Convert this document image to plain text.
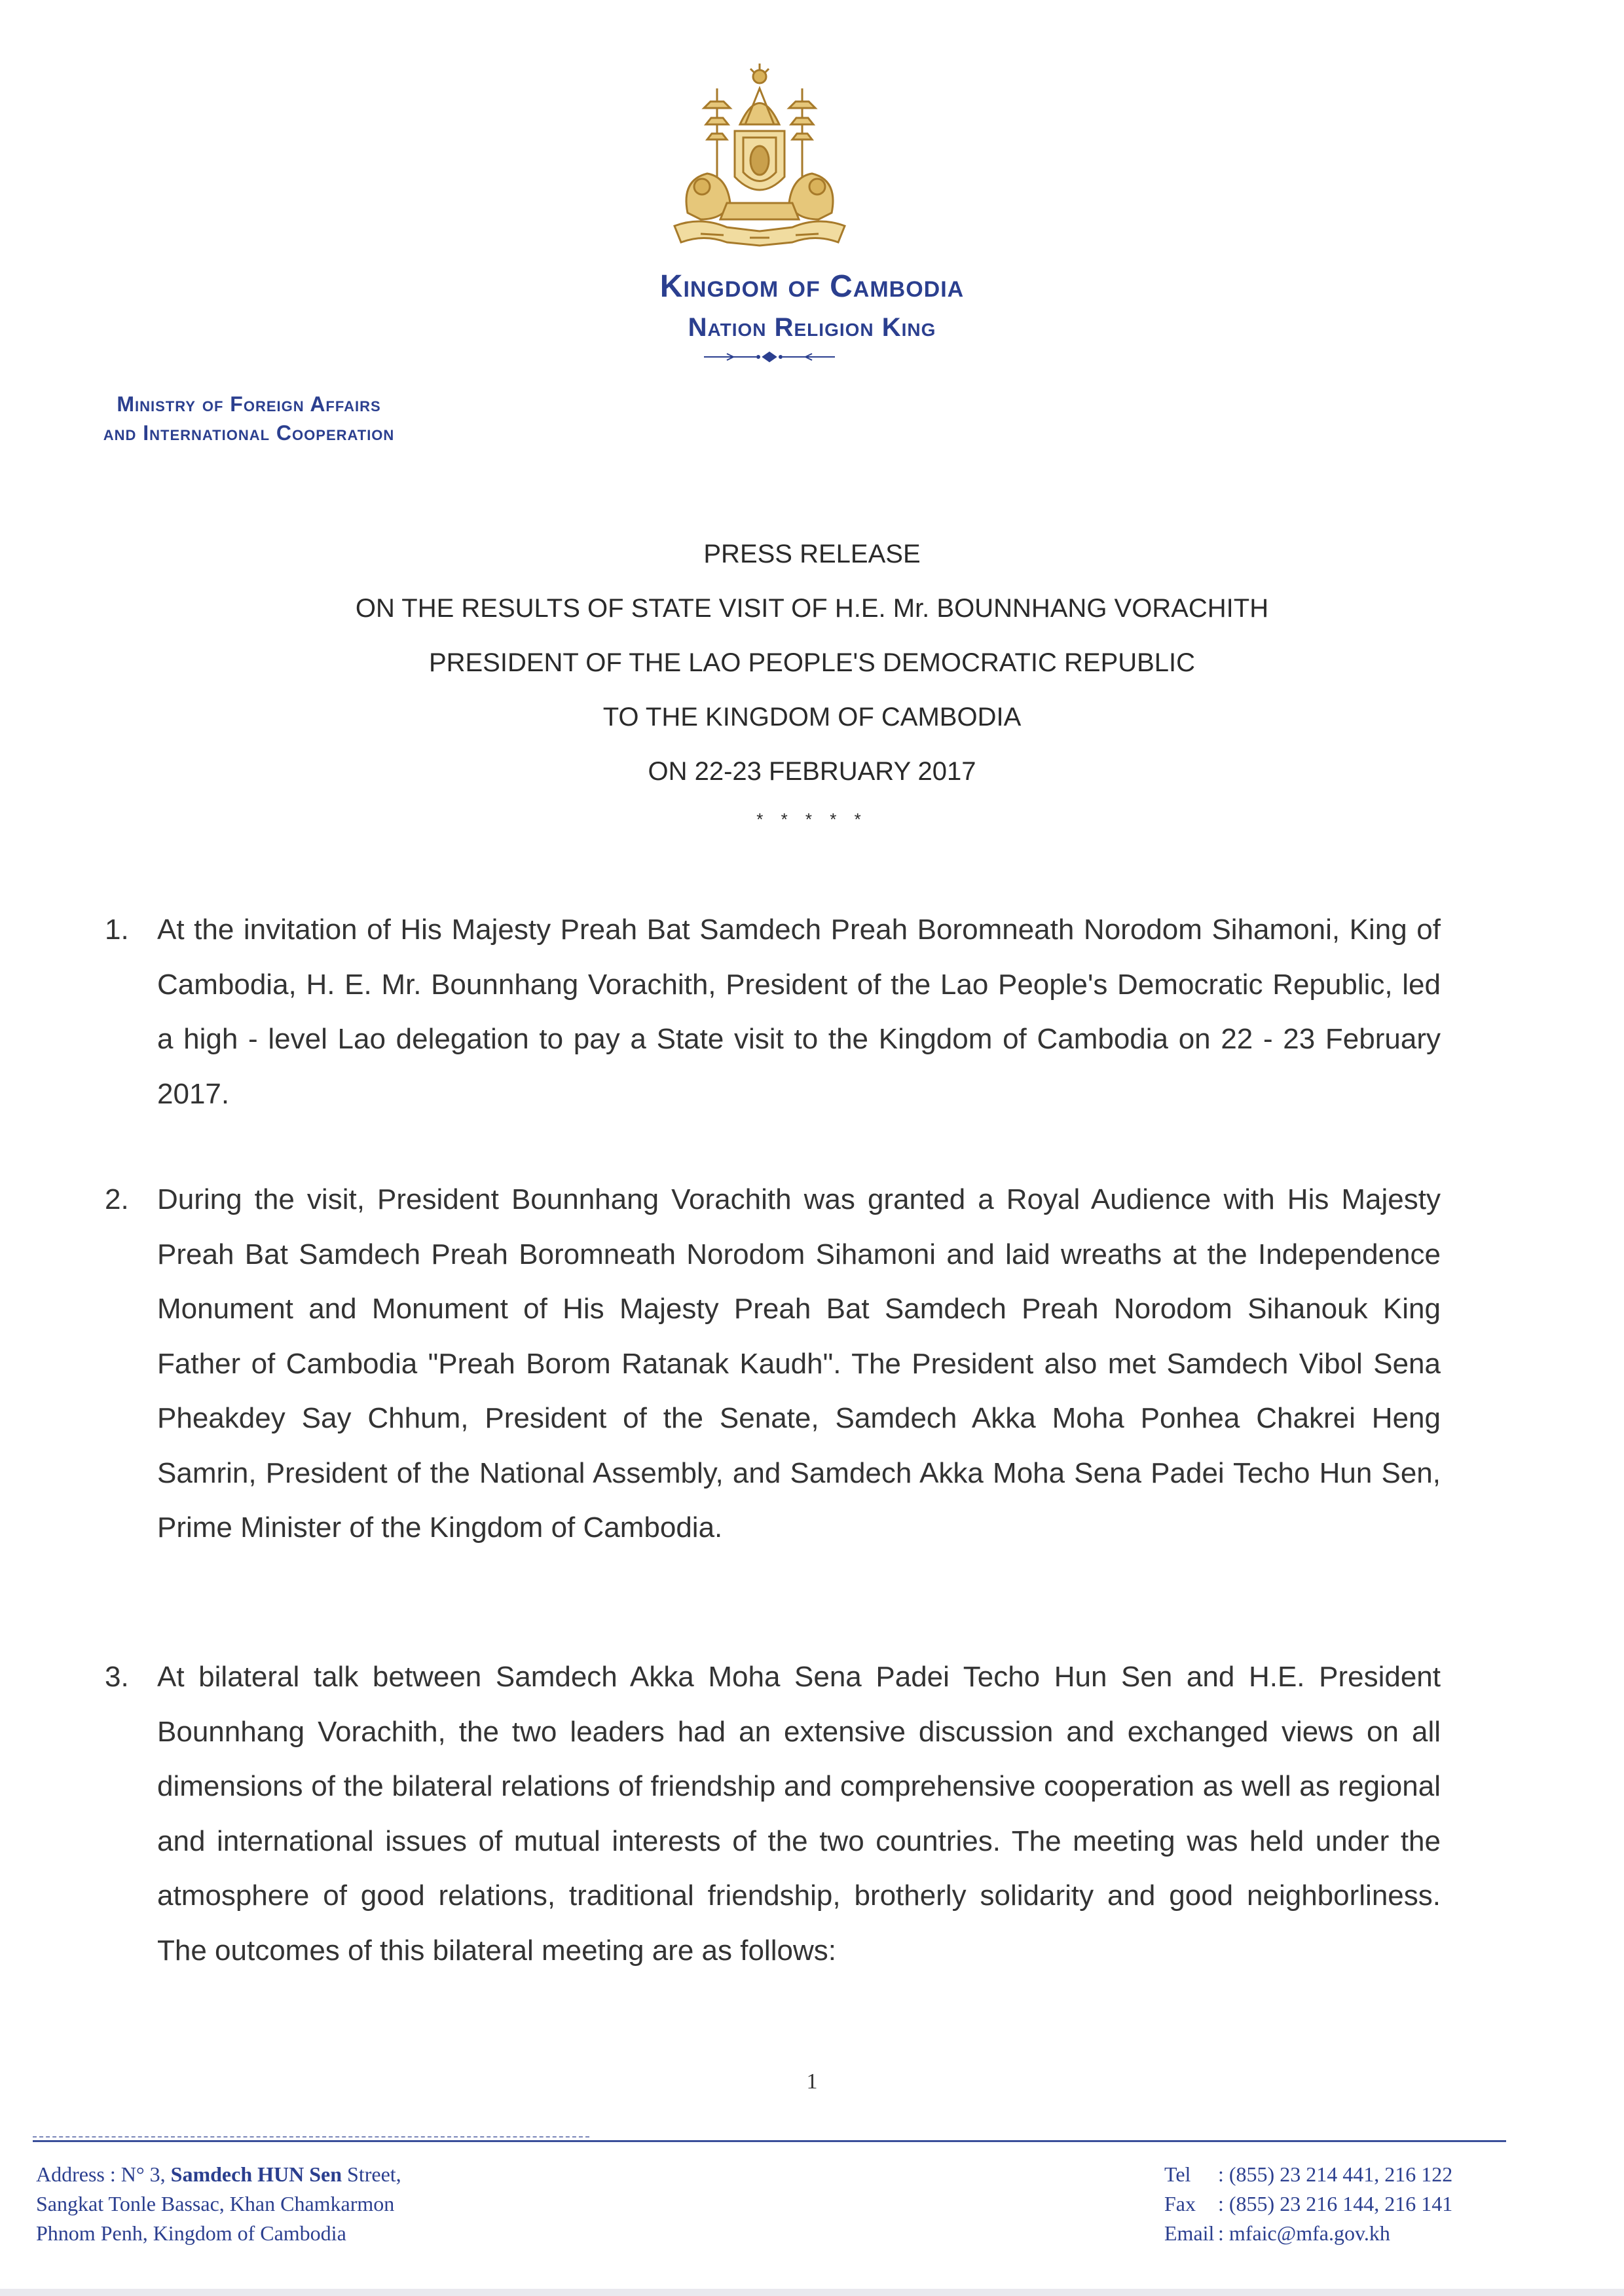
Kingdom of Cambodia
Nation Religion King
Ministry of Foreign Affairs
and International Cooperation
PRESS RELEASE
ON THE RESULTS OF STATE VISIT OF H.E. Mr. BOUNNHANG VORACHITH
PRESIDENT OF THE LAO PEOPLE'S DEMOCRATIC REPUBLIC
TO THE KINGDOM OF CAMBODIA
ON 22-23 FEBRUARY 2017
* * * * *
1. At the invitation of His Majesty Preah Bat Samdech Preah Boromneath Norodom Sihamoni, King of Cambodia, H. E. Mr. Bounnhang Vorachith, President of the Lao People's Democratic Republic, led a high - level Lao delegation to pay a State visit to the Kingdom of Cambodia on 22 - 23 February 2017.
2. During the visit, President Bounnhang Vorachith was granted a Royal Audience with His Majesty Preah Bat Samdech Preah Boromneath Norodom Sihamoni and laid wreaths at the Independence Monument and Monument of His Majesty Preah Bat Samdech Preah Norodom Sihanouk King Father of Cambodia "Preah Borom Ratanak Kaudh". The President also met Samdech Vibol Sena Pheakdey Say Chhum, President of the Senate, Samdech Akka Moha Ponhea Chakrei Heng Samrin, President of the National Assembly, and Samdech Akka Moha Sena Padei Techo Hun Sen, Prime Minister of the Kingdom of Cambodia.
3. At bilateral talk between Samdech Akka Moha Sena Padei Techo Hun Sen and H.E. President Bounnhang Vorachith, the two leaders had an extensive discussion and exchanged views on all dimensions of the bilateral relations of friendship and comprehensive cooperation as well as regional and international issues of mutual interests of the two countries. The meeting was held under the atmosphere of good relations, traditional friendship, brotherly solidarity and good neighborliness. The outcomes of this bilateral meeting are as follows:
1
Address : N° 3, Samdech HUN Sen Street,
Sangkat Tonle Bassac, Khan Chamkarmon
Phnom Penh, Kingdom of Cambodia
Tel : (855) 23 214 441, 216 122
Fax : (855) 23 216 144, 216 141
Email : mfaic@mfa.gov.kh
